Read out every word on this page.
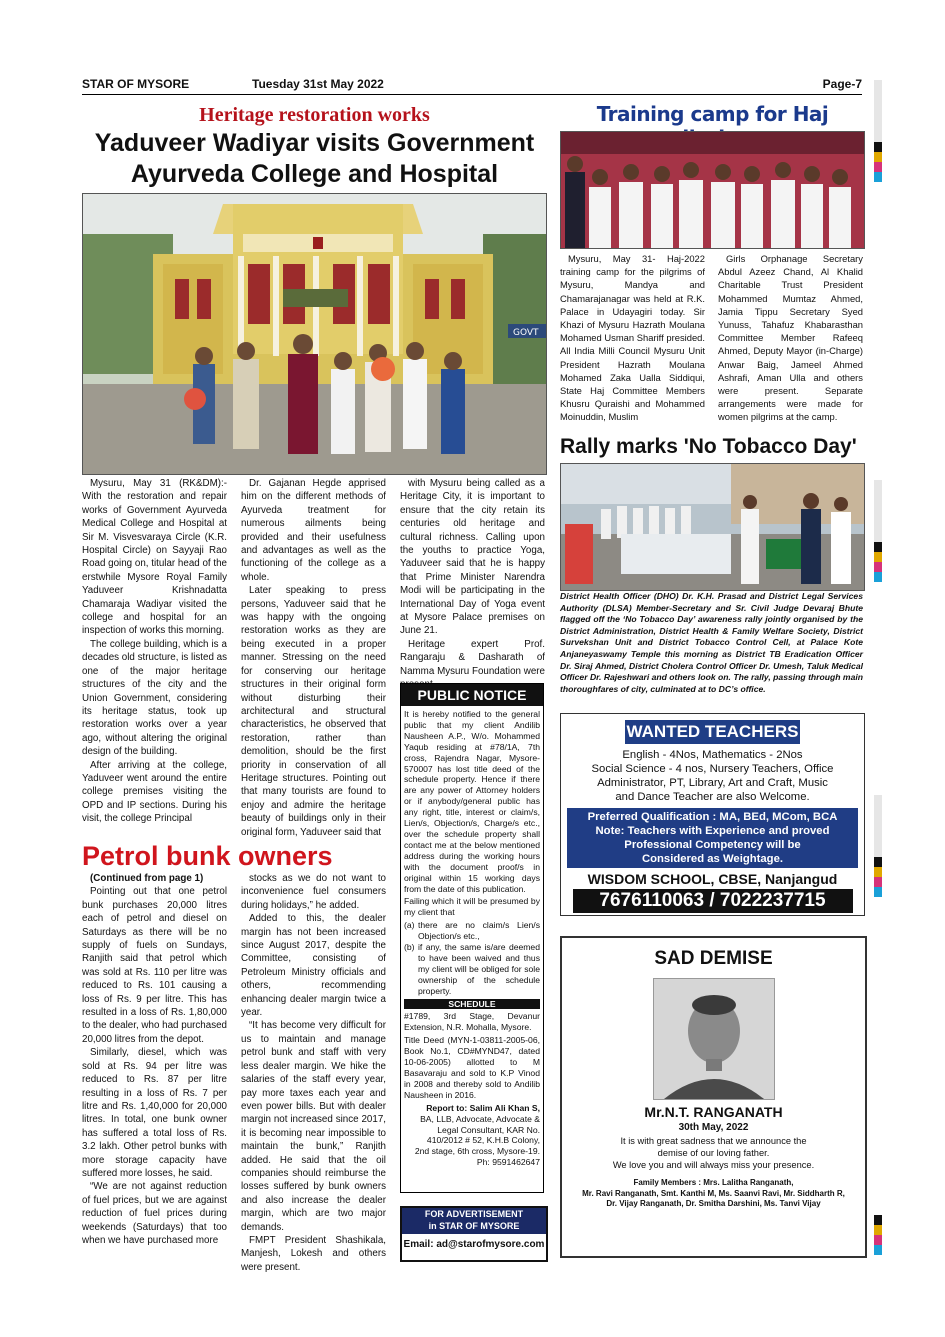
STAR OF MYSORE	Tuesday 31st May 2022	Page-7
Heritage restoration works
Yaduveer Wadiyar visits Government
Ayurveda College and Hospital
GOVT

Mysuru, May 31 (RK&DM):- With the restoration and repair works of Government Ayurveda Medical College and Hospital at Sir M. Visvesvaraya Circle (K.R. Hospital Circle) on Sayyaji Rao Road going on, titular head of the erstwhile Mysore Royal Family Yaduveer Krishnadatta Chamaraja Wadiyar visited the college and hospital for an inspection of works this morning.

The college building, which is a decades old structure, is listed as one of the major heritage structures of the city and the Union Government, considering its heritage status, took up restoration works over a year ago, without altering the original design of the building.

After arriving at the college, Yaduveer went around the entire college premises visiting the OPD and IP sections. During his visit, the college Principal

Dr. Gajanan Hegde apprised him on the different methods of Ayurveda treatment for numerous ailments being provided and their usefulness and advantages as well as the functioning of the college as a whole.

Later speaking to press persons, Yaduveer said that he was happy with the ongoing restoration works as they are being executed in a proper manner. Stressing on the need for conserving our heritage structures in their original form without disturbing their architectural and structural characteristics, he observed that restoration, rather than demolition, should be the first priority in conservation of all Heritage structures. Pointing out that many tourists are found to enjoy and admire the heritage beauty of buildings only in their original form, Yaduveer said that

with Mysuru being called as a Heritage City, it is important to ensure that the city retain its centuries old heritage and cultural richness. Calling upon the youths to practice Yoga, Yaduveer said that he is happy that Prime Minister Narendra Modi will be participating in the International Day of Yoga event at Mysore Palace premises on June 21.

Heritage expert Prof. Rangaraju & Dasharath of Namma Mysuru Foundation were

Petrol bunk owners

(Continued from page 1)

Pointing out that one petrol bunk purchases 20,000 litres each of petrol and diesel on Saturdays as there will be no supply of fuels on Sundays, Ranjith said that petrol which was sold at Rs. 110 per litre was reduced to Rs. 101 causing a loss of Rs. 9 per litre. This has resulted in a loss of Rs. 1,80,000 to the dealer, who had purchased 20,000 litres from the depot.

Similarly, diesel, which was sold at Rs. 94 per litre was reduced to Rs. 87 per litre resulting in a loss of Rs. 7 per litre and Rs. 1,40,000 for 20,000 litres. In total, one bunk owner has suffered a total loss of Rs. 3.2 lakh. Other petrol bunks with more storage capacity have suffered more losses, he said.

“We are not against reduction of fuel prices, but we are against reduction of fuel prices during weekends (Saturdays) that too when we have purchased more

stocks as we do not want to inconvenience fuel consumers during holidays,” he added.

Added to this, the dealer margin has not been increased since August 2017, despite the Committee, consisting of Petroleum Ministry officials and others, recommending enhancing dealer margin twice a year.

“It has become very difficult for us to maintain and manage petrol bunk and staff with very less dealer margin. We hike the salaries of the staff every year, pay more taxes each year and even power bills. But with dealer margin not increased since 2017, it is becoming near impossible to maintain the bunk,” Ranjith added. He said that the oil companies should reimburse the losses suffered by bunk owners and also increase the dealer margin, which are two major demands.

FMPT President Shashikala, Manjesh, Lokesh and others were present.

PUBLIC NOTICE

It is hereby notified to the general public that my client Andilib Nausheen A.P., W/o. Mohammed Yaqub residing at #78/1A, 7th cross, Rajendra Nagar, Mysore-570007 has lost title deed of the schedule property. Hence if there are any power of Attorney holders or if anybody/general public has any right, title, interest or claim/s, Lien/s, Objection/s, Charge/s etc., over the schedule property shall contact me at the below mentioned address during the working hours with the document proof/s in original within 15 working days from the date of this publication.

Failing which it will be presumed by my client that

(a) there are no claim/s Lien/s Objection/s etc.,
(b) if any, the same is/are deemed to have been waived and thus my client will be obliged for sole ownership of the schedule property.
SCHEDULE

#1789, 3rd Stage, Devanur Extension, N.R. Mohalla, Mysore.

Title Deed (MYN-1-03811-2005-06, Book No.1, CD#MYND47, dated 10-06-2005) allotted to M Basavaraju and sold to K.P Vinod in 2008 and thereby sold to Andilib Nausheen in 2016.

Report to: Salim Ali Khan S,
BA, LLB, Advocate, Advocate &
Legal Consultant, KAR No.
410/2012 # 52, K.H.B Colony,
2nd stage, 6th cross, Mysore-19.
Ph: 9591462647
FOR ADVERTISEMENT
in STAR OF MYSORE
Email: ad@starofmysore.com
Training camp for Haj

Mysuru, May 31- Haj-2022 training camp for the pilgrims of Mysuru, Mandya and Chamarajanagar was held at R.K. Palace in Udayagiri today. Sir Khazi of Mysuru Hazrath Moulana Mohamed Usman Shariff presided. All India Milli Council Mysuru Unit President Hazrath Moulana Mohamed Zaka Ualla Siddiqui, State Haj Committee Members Khusru Quraishi and Mohammed Moinuddin, Muslim

Girls Orphanage Secretary Abdul Azeez Chand, Al Khalid Charitable Trust President Mohammed Mumtaz Ahmed, Jamia Tippu Secretary Syed Yunuss, Tahafuz Khabarasthan Committee Member Rafeeq Ahmed, Deputy Mayor (in-Charge) Anwar Baig, Jameel Ahmed Ashrafi, Aman Ulla and others were present. Separate arrangements were made for women pilgrims at the camp.

Rally marks 'No Tobacco Day'
District Health Officer (DHO) Dr. K.H. Prasad and District Legal Services Authority (DLSA) Member-Secretary and Sr. Civil Judge Devaraj Bhute flagged off the ‘No Tobacco Day’ awareness rally jointly organised by the District Administration, District Health & Family Welfare Society, District Survekshan Unit and District Tobacco Control Cell, at Palace Kote Anjaneyaswamy Temple this morning as District TB Eradication Officer Dr. Siraj Ahmed, District Cholera Control Officer Dr. Umesh, Taluk Medical Officer Dr. Rajeshwari and others look on. The rally, passing through main thoroughfares of city, culminated at to DC’s office.
WANTED TEACHERS
English - 4Nos, Mathematics - 2Nos
Social Science - 4 nos, Nursery Teachers, Office
Administrator, PT, Library, Art and Craft, Music
and Dance Teacher are also Welcome.
Preferred Qualification : MA, BEd, MCom, BCA
Note: Teachers with Experience and proved
Professional Competency will be
Considered as Weightage.
WISDOM SCHOOL, CBSE, Nanjangud
7676110063 / 7022237715
SAD DEMISE
Mr.N.T. RANGANATH
30th May, 2022
It is with great sadness that we announce the
demise of our loving father.
We love you and will always miss your presence.
Family Members : Mrs. Lalitha Ranganath,
Mr. Ravi Ranganath, Smt. Kanthi M, Ms. Saanvi Ravi, Mr. Siddharth R,
Dr. Vijay Ranganath, Dr. Smitha Darshini, Ms. Tanvi Vijay
